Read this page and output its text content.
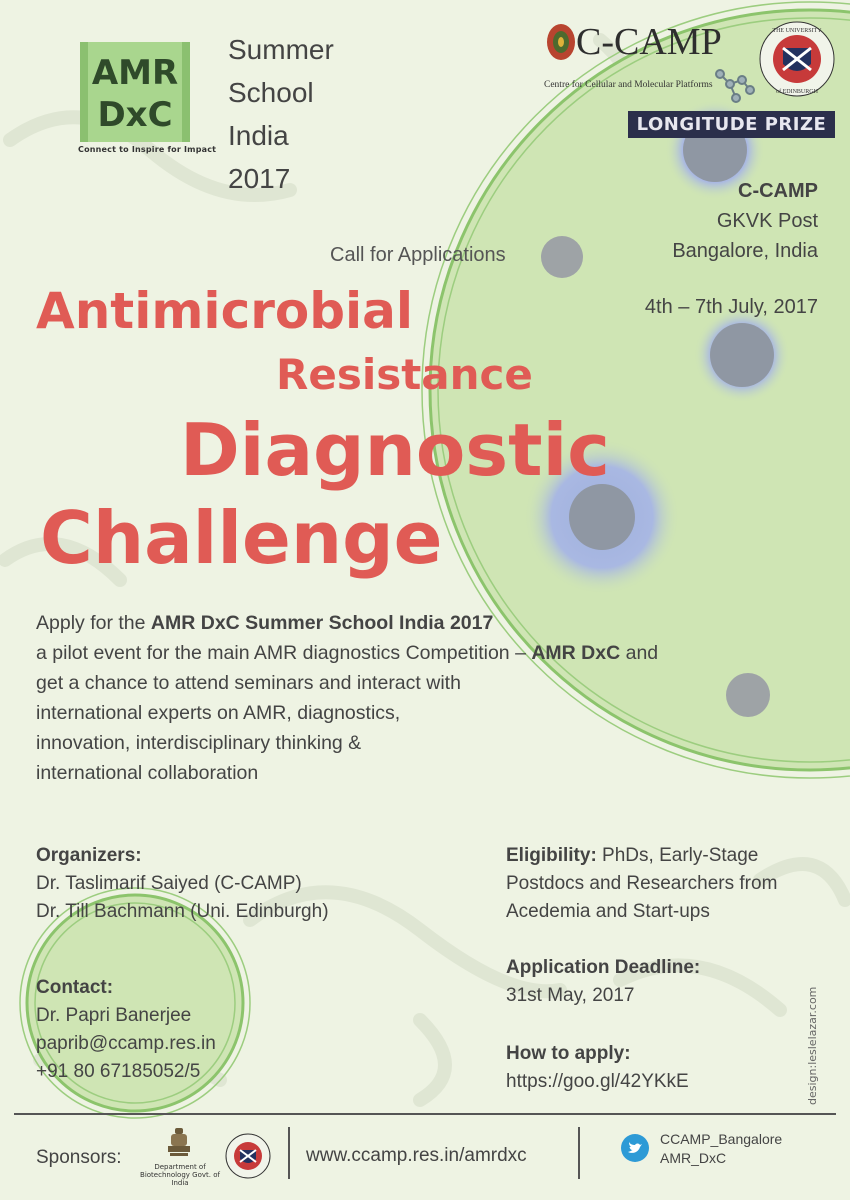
AMR
DxC
Connect to Inspire for Impact
Summer
School
India
2017
C-CAMP
Centre for Cellular and Molecular Platforms
THE UNIVERSITY
of EDINBURGH
LONGITUDE PRIZE
C-CAMP
GKVK Post
Bangalore, India
4th – 7th July, 2017
Call for Applications
Antimicrobial
Resistance
Diagnostic
Challenge
Apply for the AMR DxC Summer School India 2017
a pilot event for the main AMR diagnostics Competition – AMR DxC and
get a chance to attend seminars and interact with
international experts on AMR, diagnostics,
innovation, interdisciplinary thinking &
international collaboration
Organizers:
Dr. Taslimarif Saiyed (C-CAMP)
Dr. Till Bachmann (Uni. Edinburgh)
Contact:
Dr. Papri Banerjee
paprib@ccamp.res.in
+91 80 67185052/5
Eligibility: PhDs, Early-Stage
Postdocs and Researchers from
Acedemia and Start-ups
Application Deadline:
31st May, 2017
How to apply:
https://goo.gl/42YKkE	design:leslelazar.com
Sponsors:	Department of Biotechnology Govt. of India
www.ccamp.res.in/amrdxc
CCAMP_Bangalore
AMR_DxC
